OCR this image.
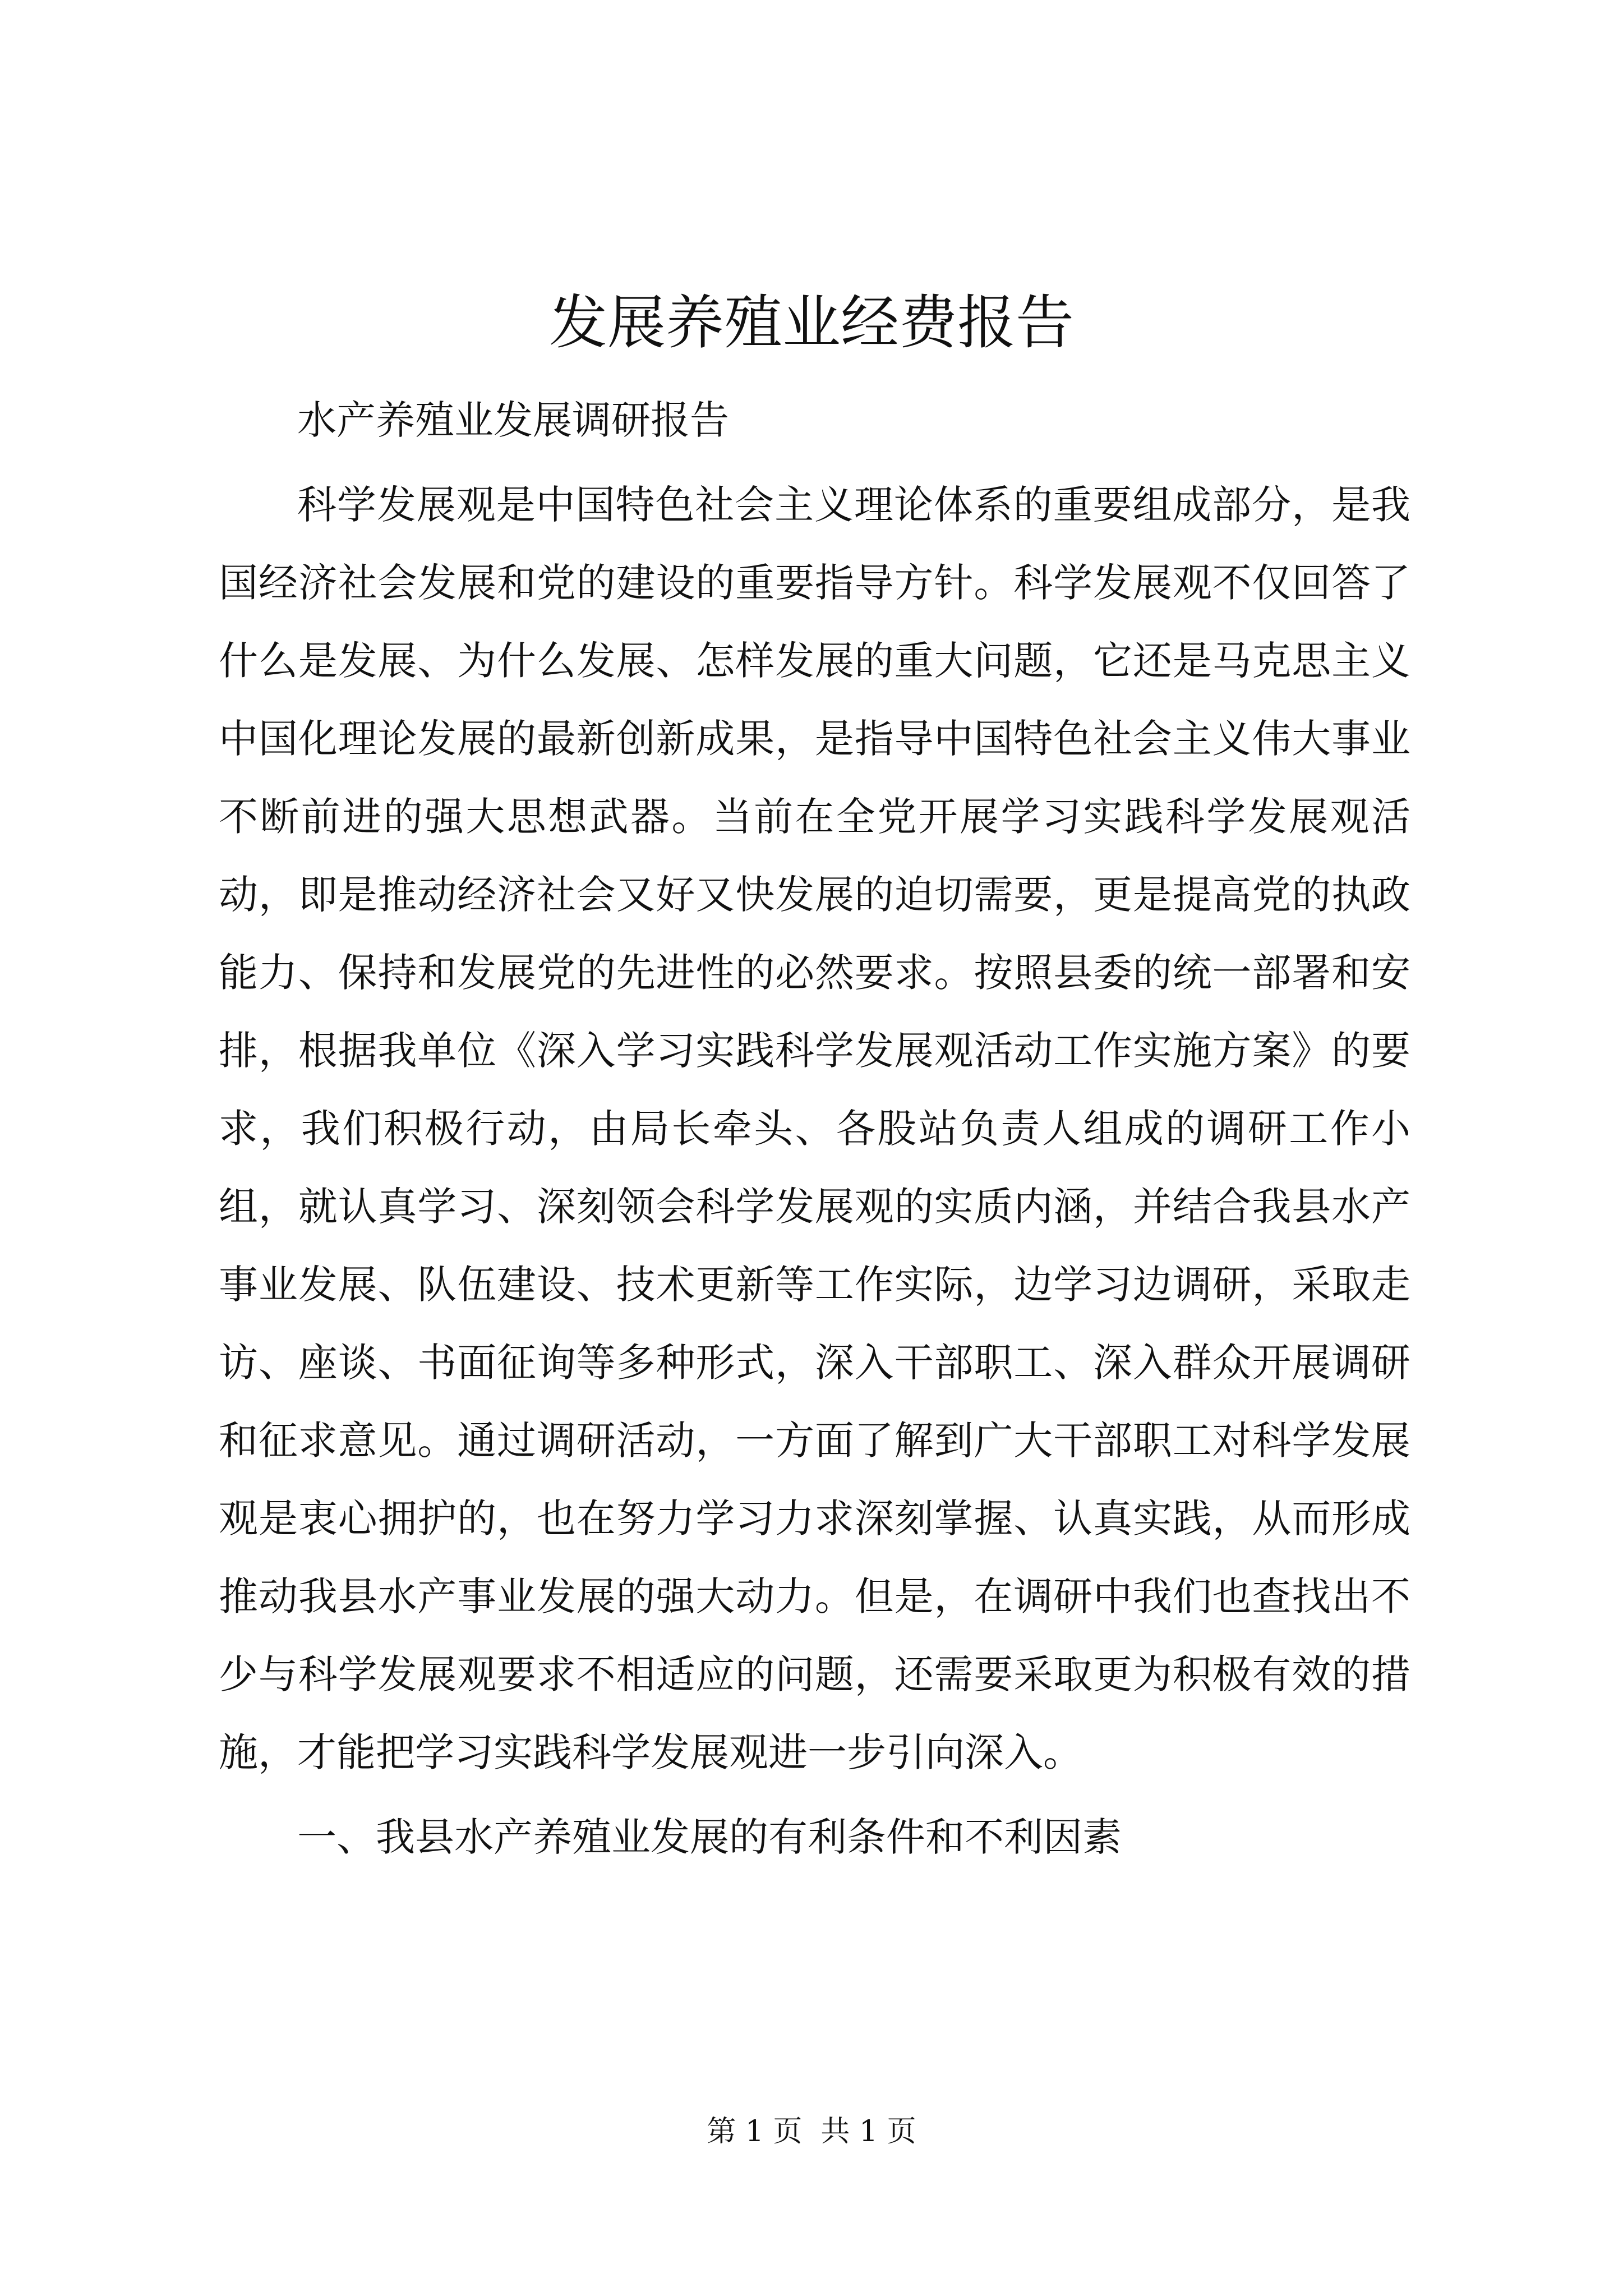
发展养殖业经费报告

水产养殖业发展调研报告

科学发展观是中国特色社会主义理论体系的重要组成部分，是我国经济社会发展和党的建设的重要指导方针。科学发展观不仅回答了什么是发展、为什么发展、怎样发展的重大问题，它还是马克思主义中国化理论发展的最新创新成果，是指导中国特色社会主义伟大事业不断前进的强大思想武器。当前在全党开展学习实践科学发展观活动，即是推动经济社会又好又快发展的迫切需要，更是提高党的执政能力、保持和发展党的先进性的必然要求。按照县委的统一部署和安排，根据我单位《深入学习实践科学发展观活动工作实施方案》的要求，我们积极行动，由局长牵头、各股站负责人组成的调研工作小组，就认真学习、深刻领会科学发展观的实质内涵，并结合我县水产事业发展、队伍建设、技术更新等工作实际，边学习边调研，采取走访、座谈、书面征询等多种形式，深入干部职工、深入群众开展调研和征求意见。通过调研活动，一方面了解到广大干部职工对科学发展观是衷心拥护的，也在努力学习力求深刻掌握、认真实践，从而形成推动我县水产事业发展的强大动力。但是，在调研中我们也查找出不少与科学发展观要求不相适应的问题，还需要采取更为积极有效的措施，才能把学习实践科学发展观进一步引向深入。

一、我县水产养殖业发展的有利条件和不利因素

第 1 页  共 1 页
